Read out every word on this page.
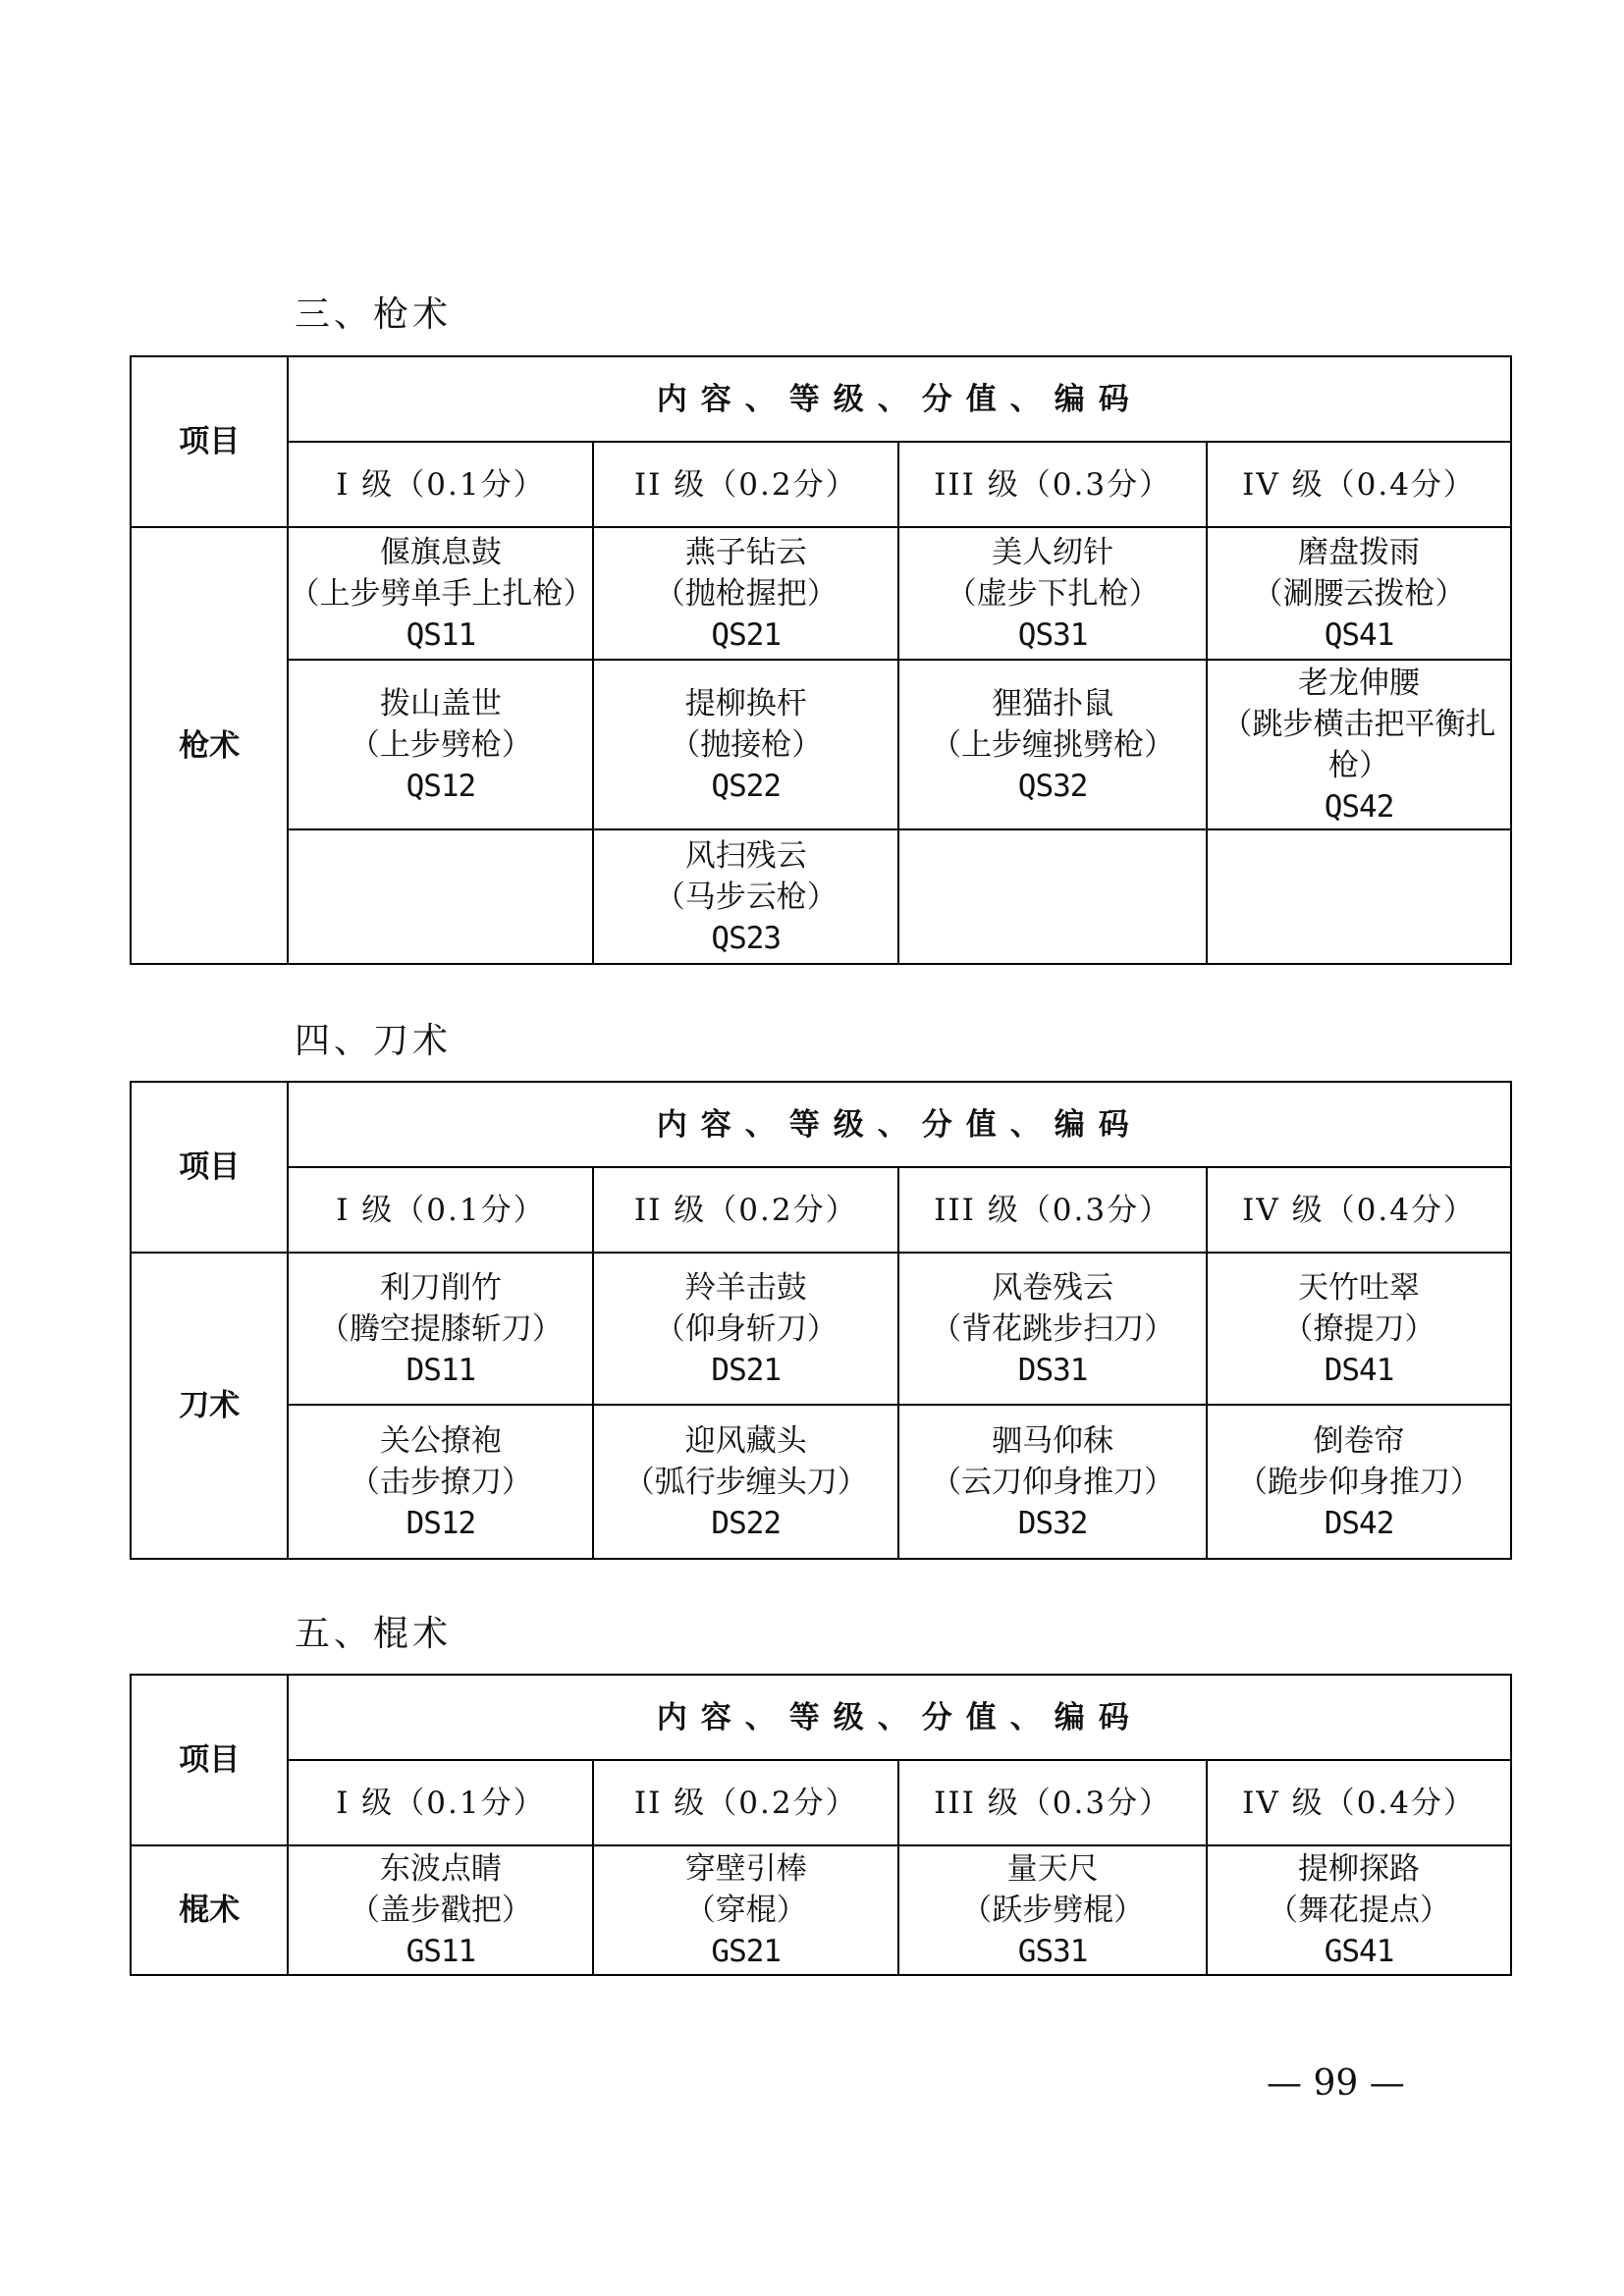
三、枪术
项目	内容、等级、分值、编码			
	I 级（0.1分）	II 级（0.2分）	III 级（0.3分）	IV 级（0.4分）
枪术	偃旗息鼓
（上步劈单手上扎枪）
QS11	燕子钻云
（抛枪握把）
QS21	美人纫针
（虚步下扎枪）
QS31	磨盘拨雨
（涮腰云拨枪）
QS41

	拨山盖世
（上步劈枪）
QS12	提柳换杆
（抛接枪）
QS22	狸猫扑鼠
（上步缠挑劈枪）
QS32	老龙伸腰
（跳步横击把平衡扎
枪）
QS42

		风扫残云
（马步云枪）
QS23		

四、刀术
项目	内容、等级、分值、编码			
	I 级（0.1分）	II 级（0.2分）	III 级（0.3分）	IV 级（0.4分）
刀术	利刀削竹
（腾空提膝斩刀）
DS11	羚羊击鼓
（仰身斩刀）
DS21	风卷残云
（背花跳步扫刀）
DS31	天竹吐翠
（撩提刀）
DS41

	关公撩袍
（击步撩刀）
DS12	迎风藏头
（弧行步缠头刀）
DS22	驷马仰秣
（云刀仰身推刀）
DS32	倒卷帘
（跪步仰身推刀）
DS42
五、棍术
项目	内容、等级、分值、编码			
	I 级（0.1分）	II 级（0.2分）	III 级（0.3分）	IV 级（0.4分）
棍术	东波点睛
（盖步戳把）
GS11	穿壁引棒
（穿棍）
GS21	量天尺
（跃步劈棍）
GS31	提柳探路
（舞花提点）
GS41
— 99 —
